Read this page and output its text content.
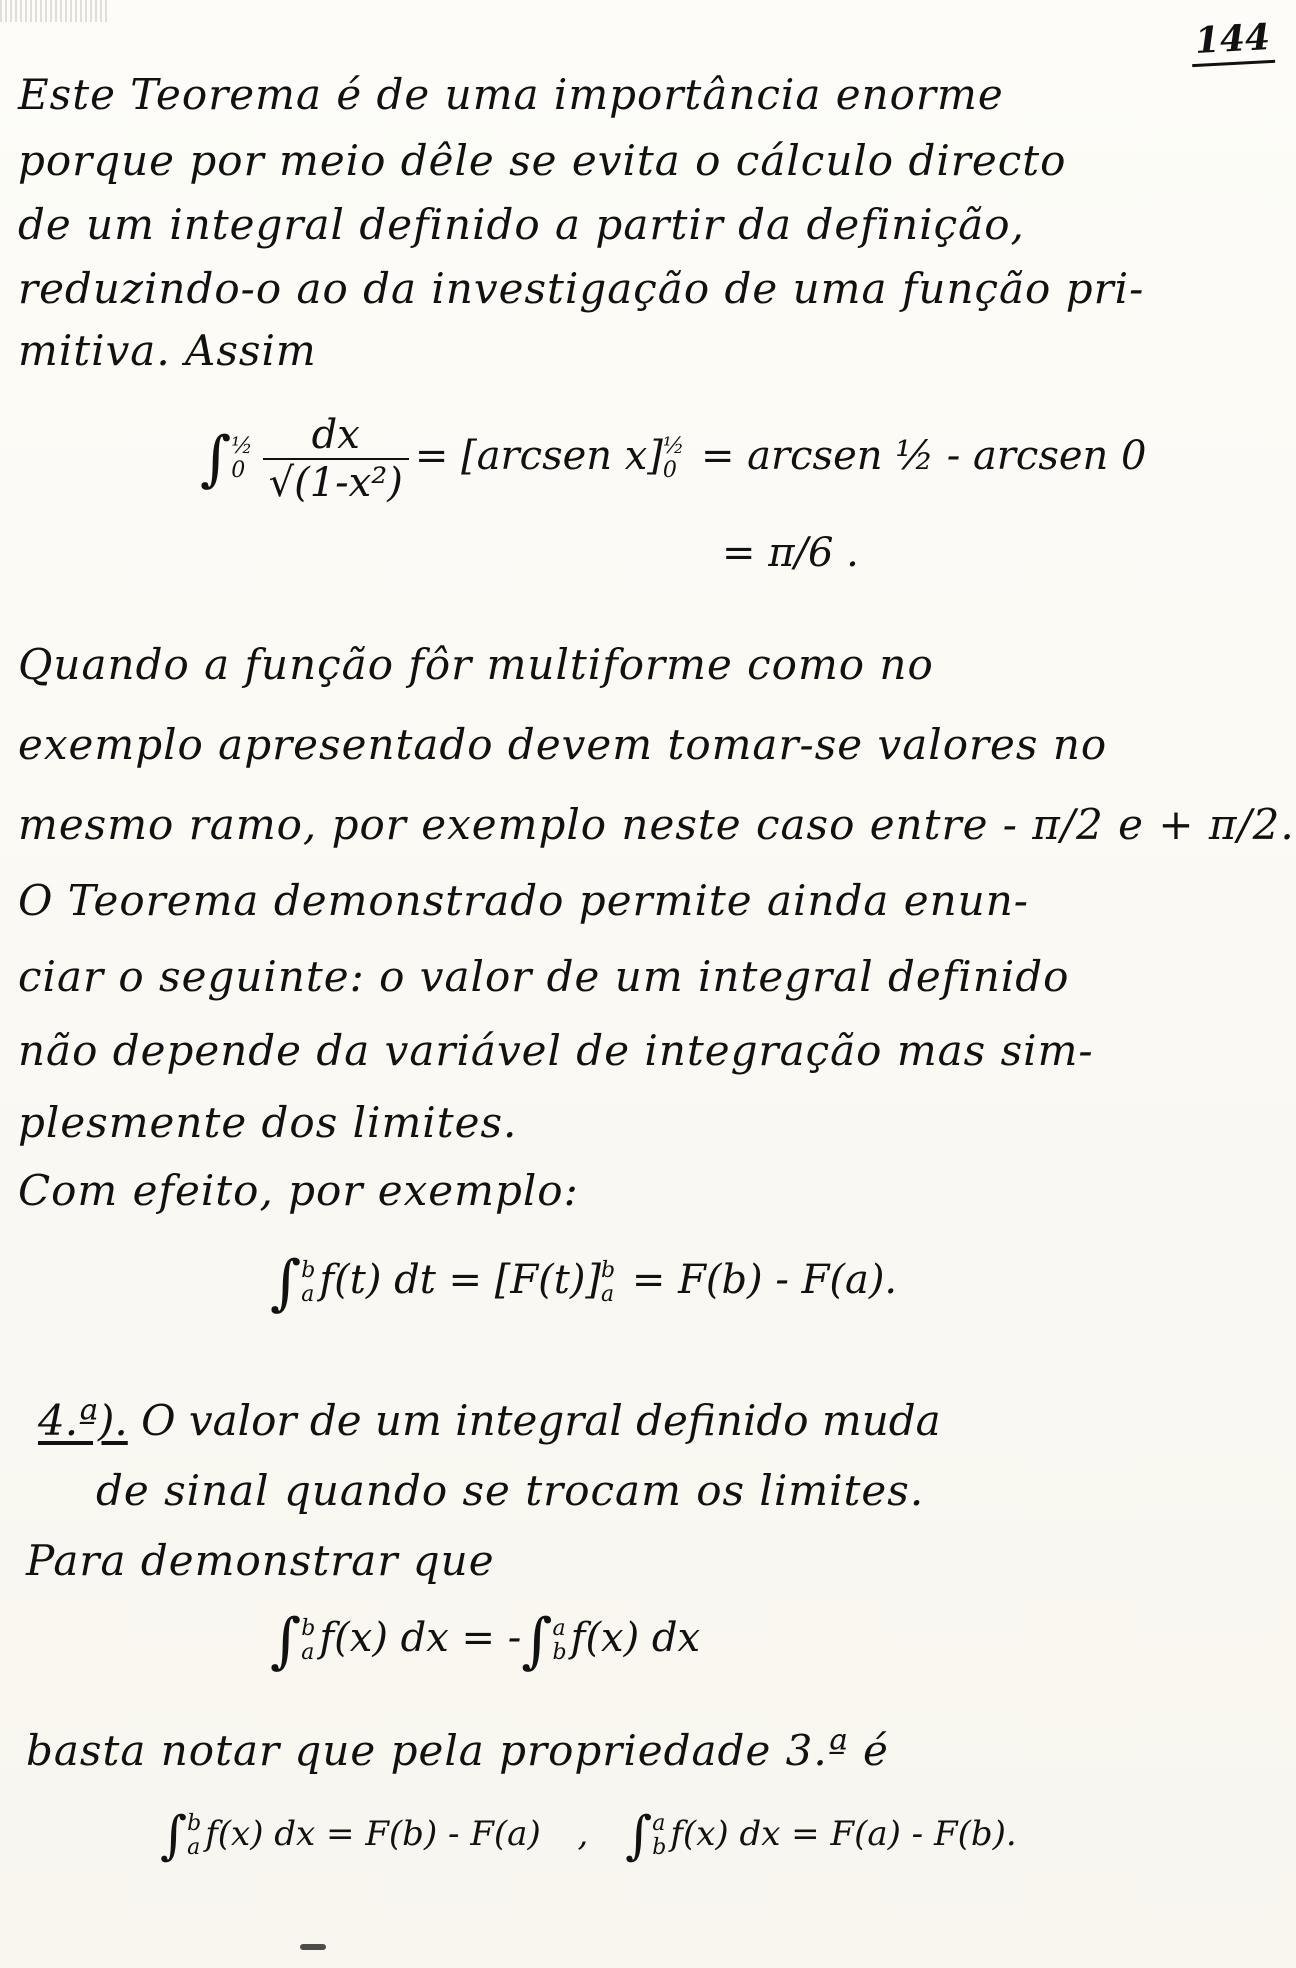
144
Este Teorema é de uma importância enorme
porque por meio dêle se evita o cálculo directo
de um integral definido a partir da definição,
reduzindo-o ao da investigação de uma função pri-
mitiva. Assim
∫ ½
$0 \frac{dx}{\text{√(1-x²)}}$ = [arcsen x] ½
0 = arcsen ½ - arcsen 0
= π/6 .
Quando a função fôr multiforme como no
exemplo apresentado devem tomar-se valores no
mesmo ramo, por exemplo neste caso entre - π/2 e + π/2.
O Teorema demonstrado permite ainda enun-
ciar o seguinte: o valor de um integral definido
não depende da variável de integração mas sim-
plesmente dos limites.
Com efeito, por exemplo:
∫ b
a f(t) dt = [F(t)] b
a = F(b) - F(a).
4.ª). O valor de um integral definido muda
de sinal quando se trocam os limites.
Para demonstrar que
∫ b
a f(x) dx = -∫ a
b f(x) dx
basta notar que pela propriedade 3.ª é
∫ b
a f(x) dx = F(b) - F(a) , ∫ a
b f(x) dx = F(a) - F(b).
